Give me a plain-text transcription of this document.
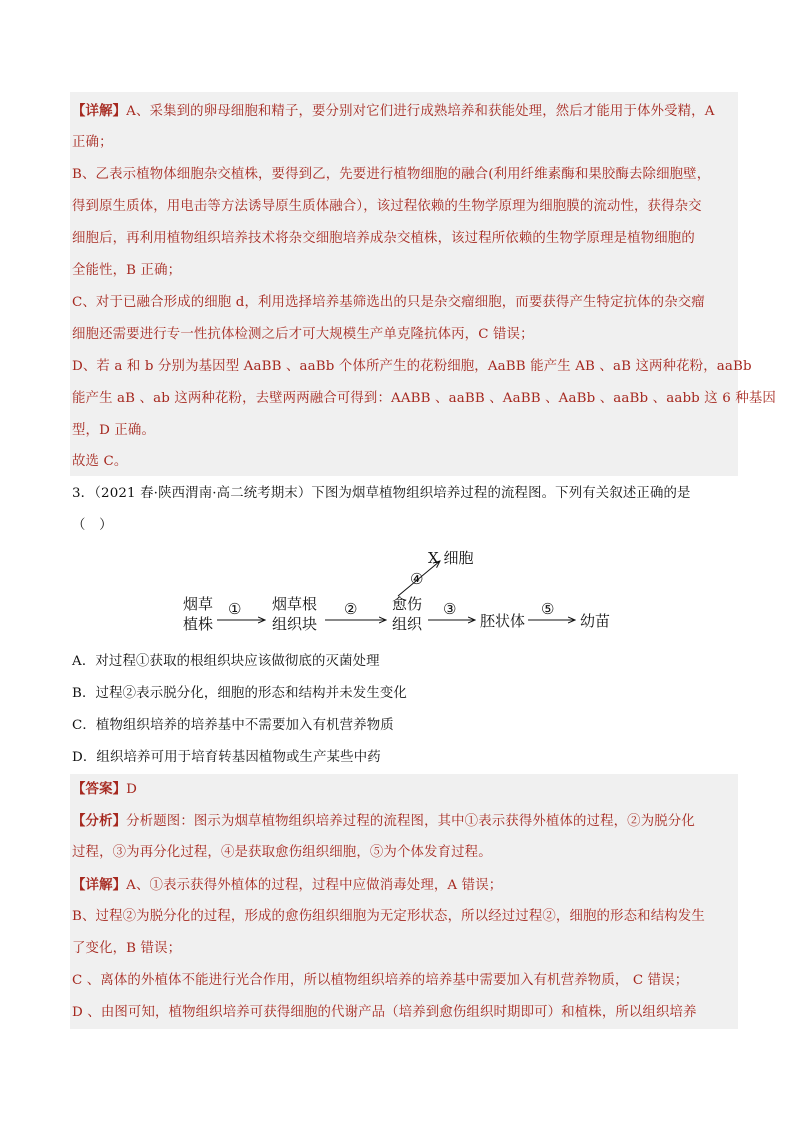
【详解】A、采集到的卵母细胞和精子，要分别对它们进行成熟培养和获能处理，然后才能用于体外受精，A
正确；
B、乙表示植物体细胞杂交植株，要得到乙，先要进行植物细胞的融合(利用纤维素酶和果胶酶去除细胞壁，
得到原生质体，用电击等方法诱导原生质体融合），该过程依赖的生物学原理为细胞膜的流动性，获得杂交
细胞后，再利用植物组织培养技术将杂交细胞培养成杂交植株，该过程所依赖的生物学原理是植物细胞的
全能性，B 正确；
C、对于已融合形成的细胞 d，利用选择培养基筛选出的只是杂交瘤细胞，而要获得产生特定抗体的杂交瘤
细胞还需要进行专一性抗体检测之后才可大规模生产单克隆抗体丙，C 错误；
D、若 a 和 b 分别为基因型 AaBB 、aaBb 个体所产生的花粉细胞，AaBB 能产生 AB 、aB 这两种花粉，aaBb
能产生 aB 、ab 这两种花粉，去壁两两融合可得到：AABB 、aaBB 、AaBB 、AaBb 、aaBb 、aabb 这 6 种基因
型，D 正确。
故选 C。
3．（2021 春·陕西渭南·高二统考期末）下图为烟草植物组织培养过程的流程图。下列有关叙述正确的是
（　）
烟草
植株
① 烟草根
组织块
② 愈伤
组织
④
X 细胞
③
胚状体
⑤
幼苗
A．对过程①获取的根组织块应该做彻底的灭菌处理
B．过程②表示脱分化，细胞的形态和结构并未发生变化
C．植物组织培养的培养基中不需要加入有机营养物质
D．组织培养可用于培育转基因植物或生产某些中药
【答案】D
【分析】分析题图：图示为烟草植物组织培养过程的流程图，其中①表示获得外植体的过程，②为脱分化
过程，③为再分化过程，④是获取愈伤组织细胞，⑤为个体发育过程。
【详解】A、①表示获得外植体的过程，过程中应做消毒处理，A 错误；
B、过程②为脱分化的过程，形成的愈伤组织细胞为无定形状态，所以经过过程②，细胞的形态和结构发生
了变化，B 错误；
C 、离体的外植体不能进行光合作用，所以植物组织培养的培养基中需要加入有机营养物质， C 错误；
D 、由图可知，植物组织培养可获得细胞的代谢产品（培养到愈伤组织时期即可）和植株，所以组织培养
